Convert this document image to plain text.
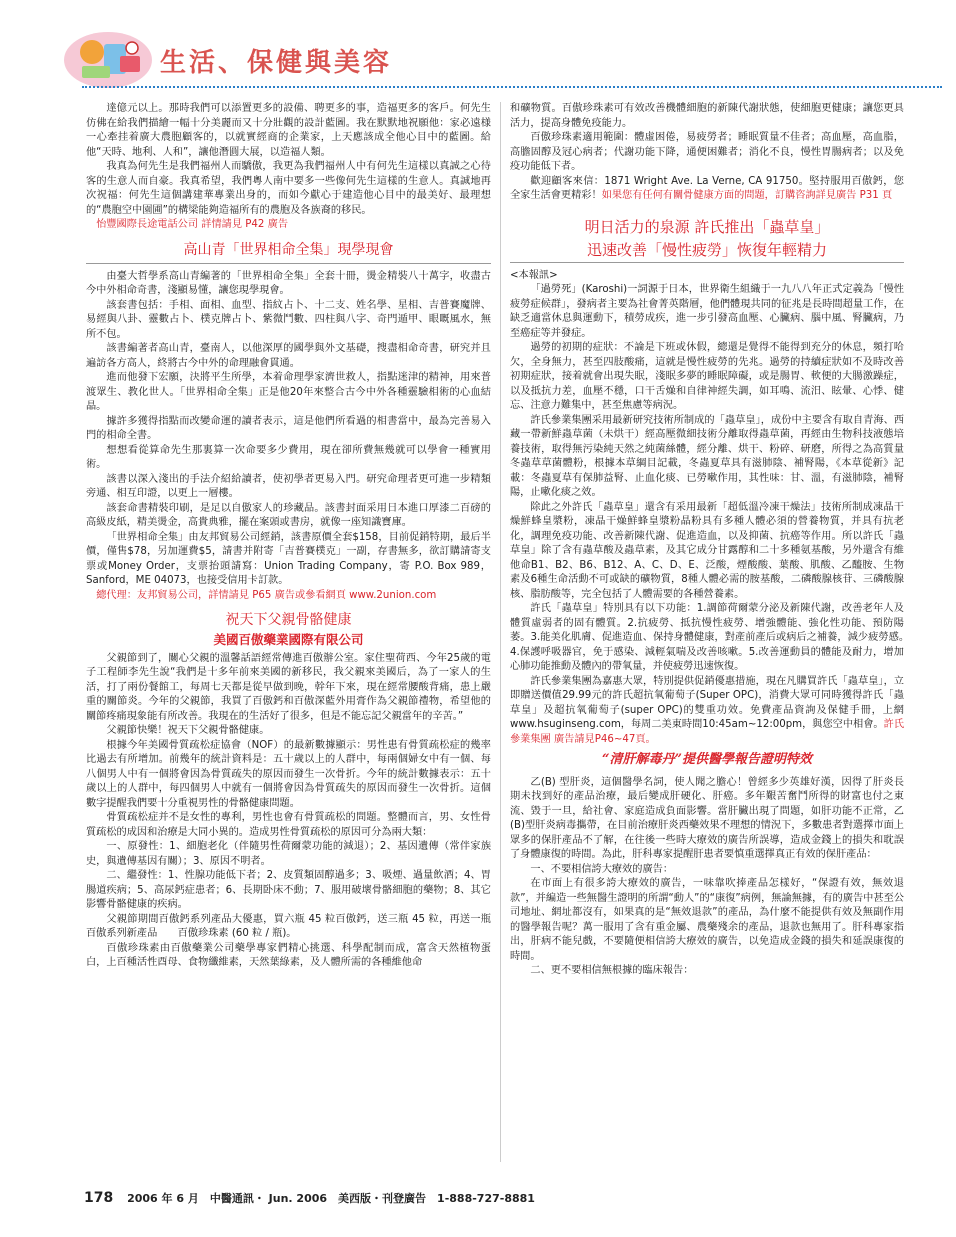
生活、保健與美容

達億元以上。那時我們可以添置更多的設備、聘更多的事，造福更多的客戶。何先生仿佛在給我們描繪一幅十分美麗而又十分壯觀的設計藍圖。我在默默地祝願他：家必遠様一心牽挂着廣大農胞顧客的，以就實經商的企業家，上天應該成全他心目中的藍圖。給他“天時、地利、人和”，讓他潛圓大展，以造福人類。

我真為何先生是我們福州人而驕傲，我更為我們福州人中有何先生這樣以真誠之心待客的生意人而自豪。我真希望，我們粵人南中要多一些像何先生這樣的生意人。真誠地再次祝福：何先生這個講建華專業出身的，而如今獻心于建造他心目中的最美好、最理想的“農胞空中園圃”的構梁能夠造福所有的農胞及各族裔的移民。

怡豐國際長途電話公司 詳情請見 P42 廣告

高山青「世界相命全集」現學現會

由臺大哲學系高山青編著的「世界相命全集」全套十冊，燙金精裝八十萬字，收盡古今中外相命奇書，淺顯易懂，讓您現學現會。

該套書包括：手相、面相、血型、指紋占卜、十二支、姓名學、星相、吉普賽魔牌、易經與八卦、靈數占卜、樸克牌占卜、紫微鬥數、四柱與八字、奇門遁甲、眼嘅風水，無所不包。

該書編著者高山青，臺南人，以他深厚的國學與外文基礎，搜盡相命奇書，研究并且遍訪各方高人，終將古今中外的命理融會貫通。

進而他發下宏願，決將平生所學，本着命理學家濟世救人，指點迷津的精神，用來普渡眾生、教化世人。「世界相命全集」正是他20年來整合古今中外各種靈驗相術的心血結晶。

據許多獲得指點而改變命運的讀者表示，這是他們所看過的相書當中，最為完善易入門的相命全書。

想想看從算命先生那裏算一次命要多少費用，現在卻所費無幾就可以學會一種實用術。

該書以深入淺出的手法介紹給讀者，使初學者更易入門。研究命理者更可進一步精類旁通、相互印證，以更上一層樓。

該套命書精裝印刷，是足以自傲家人的珍藏品。該書封面采用日本進口厚漆二百磅的高級皮紙，精美燙金，高貴典雅，擺在案頭或書房，就像一座知識寶庫。

「世界相命全集」由友邦貿易公司經銷，該書原價全套$158，目前促銷特期，最后半價，僅售$78，另加運費$5，請書并附寄「吉普賽樸克」一副，存書無多，欲訂購請寄支票或Money Order，支票抬頭請寫：Union Trading Company，寄 P.O. Box 989，Sanford，ME 04073，也接受信用卡訂款。

總代理：友邦貿易公司，詳情請見 P65 廣告或參看網頁 www.2union.com

祝天下父親骨骼健康
美國百傲藥業國際有限公司

父親節到了，關心父親的溫馨話語經常傳進百傲辦公室。家住聖荷西、今年25歲的電子工程師李先生說“我們是十多年前來美國的新移民，我父親來美國后，為了一家人的生活，打了兩份餐館工，每周七天都是從早做到晚，幹年下來，現在經常腰酸背痛，患上嚴重的關節炎。今年的父親節，我買了百傲鈣和百傲深藍外用膏作為父親節禮物，希望他的關節疼痛現象能有所改善。我現在的生活好了很多，但是不能忘記父親當年的辛苦。”

父親節快樂！祝天下父親骨骼健康。

根據今年美國骨質疏松症協會（NOF）的最新數據顯示：男性患有骨質疏松症的幾率比過去有所增加。前幾年的統計資料是：五十歲以上的人群中，每兩個婦女中有一個、每八個男人中有一個將會因為骨質疏失的原因而發生一次骨折。今年的統計數據表示：五十歲以上的人群中，每四個男人中就有一個將會因為骨質疏失的原因而發生一次骨折。這個數字提醒我們要十分重視男性的骨骼健康問題。

骨質疏松症并不是女性的專利，男性也會有骨質疏松的問題。整體而言，男、女性骨質疏松的成因和治療是大同小異的。造成男性骨質疏松的原因可分為兩大類：

一、原發性：1、細胞老化（伴隨男性荷爾蒙功能的減退）；2、基因遺傳（常伴家族史，與遺傳基因有關）；3、原因不明者。

二、繼發性：1、性腺功能低下者；2、皮質類固醇過多；3、吸煙、過量飲酒；4、胃腸道疾病；5、高尿鈣症患者；6、長期卧床不動；7、服用破壞骨骼細胞的藥物；8、其它影響骨骼健康的疾病。

父親節期間百傲鈣系列產品大優惠，買六瓶 45 粒百傲鈣，送三瓶 45 粒，再送一瓶百傲系列新產品　　百傲珍珠素 (60 粒 / 瓶)。

百傲珍珠素由百傲藥業公司藥學專家們精心挑選、科學配制而成，富含天然植物蛋白，上百種活性酉母、食物纖維素，天然葉綠素，及人體所需的各種維他命

和礦物質。百傲珍珠素可有效改善機體細胞的新陳代謝狀態，使細胞更健康；讓您更具活力，提高身體免疫能力。

百傲珍珠素適用範圍：體虛困倦，易疲勞者；睡眠質量不佳者；高血壓，高血脂，高膽固醇及冠心病者；代謝功能下降，通便困難者；消化不良，慢性胃腸病者；以及免疫功能低下者。

歡迎顧客來信：1871 Wright Ave. La Verne, CA 91750。堅持服用百傲鈣，您全家生活會更精彩！如果您有任何有關骨健康方面的問題，訂購咨詢詳見廣告 P31 頁

明日活力的泉源 許氏推出「蟲草皇」
迅速改善「慢性疲勞」恢復年輕精力

<本報訊>

「過勞死」(Karoshi)一詞源于日本，世界衛生組織于一九八八年正式定義為「慢性疲勞症候群」，發病者主要為社會菁英階層，他們體現共同的征兆是長時間超量工作，在缺乏適當休息與運動下，積勞成疾，進一步引發高血壓、心臟病、腦中風、腎臟病，乃至癌症等并發症。

過勞的初期的症狀：不論是下班或休假，總還是覺得不能得到充分的休息，頻打哈欠，全身無力，甚至四肢酸痛，這就是慢性疲勞的先兆。過勞的持續症狀如不及時改善初期症狀，接着就會出現失眠，淺眠多夢的睡眠障礙，或是腸胃、軟便的大腸激躁症，以及抵抗力差，血壓不穩，口干舌燥和自律神經失調，如耳鳴、流汨、眩暈、心悸、健忘、注意力難集中，甚至焦慮等病況。

許氏參業集團采用最新研究技術所制成的「蟲草皇」，成份中主要含有取自青海、西藏一帶新鮮蟲草菌（未烘干）經高壓微細技術分離取得蟲草菌，再經由生物科技液態培養技術，取得無污染純天然之純菌絲體，經分離、烘干、粉碎、研磨，所得之為高質量冬蟲草草菌體粉，根據本草綱目記載，冬蟲夏草具有滋肺陰、補腎陽，《本草從新》記載：冬蟲夏草有保肺益腎、止血化痰、已勞嗽作用，其性味：甘、溫，有滋肺陰，補腎陽，止嗽化痰之效。

除此之外許氏「蟲草皇」還含有采用最新「超低溫冷凍干燥法」技術所制成凍晶干燥鮮蜂皇漿粉，凍晶干燥鮮蜂皇漿粉晶粉具有多種人體必須的營養物質，并具有抗老化，調理免疫功能、改善新陳代謝、促進造血，以及抑菌、抗癌等作用。所以許氏「蟲草皇」除了含有蟲草酸及蟲草素，及其它成分甘露醇和二十多種氨基酸，另外還含有維他命B1、B2、B6、B12、A、C、D、E、泛酸，煙酸酸、葉酸、肌酸、乙醯胺、生物素及6種生命活動不可或缺的礦物質，8種人體必需的胺基酸，二磷酸腺核苷、三磷酸腺核、脂肪酸等，完全包括了人體需要的各種營養素。

許氏「蟲草皇」特別具有以下功能：1.調節荷爾蒙分泌及新陳代謝，改善老年人及體質虛弱者的固有體質。2.抗疲勞、抵抗慢性疲勞、增強體能、強化性功能、預防陽萎。3.能美化肌膚、促進造血、保持身體健康，對產前產后或病后之補養，減少疲勞感。　4.保護呼吸器官，免于感染、減輕氣喘及改善咳嗽。5.改善運動員的體能及耐力，增加心肺功能推動及體內的帶氧量，并使疲勞迅速恢復。

許氏參業集團為嘉惠大眾，特別提供促銷優惠措施，現在凡購買許氏「蟲草皇」，立即贈送價值29.99元的許氏超抗氧葡萄子(Super OPC)，消費大眾可同時獲得許氏「蟲草皇」及超抗氧葡萄子(super OPC)的雙重功效。免費產品資詢及保健手冊，上網www.hsuginseng.com，每周二美東時間10:45am~12:00pm，與您空中相會。許氏參業集團 廣告請見P46~47頁。

“清肝解毒丹”提供醫學報告證明特效

乙(B) 型肝炎，這個醫學名詞，使人聞之膽心！曾經多少英雄好漢，因得了肝炎長期未找到好的產品治療，最后變成肝硬化、肝癌。多年艱苦奮鬥所得的財富也付之東流、毀于一旦，給社會、家庭造成負面影響。當肝臟出現了問題，如肝功能不正常，乙(B)型肝炎病毒攜帶，在目前治療肝炎西藥效果不理想的情況下，多數患者對選擇市面上眾多的保肝產品不了解，在往後一些時大療效的廣告所誤導，造成金錢上的損失和耽誤了身體康復的時間。為此，肝科專家提醒肝患者要慎重選擇真正有效的保肝產品：

一、不要相信誇大療效的廣告：

在市面上有很多誇大療效的廣告，一味靠吹捧產品怎樣好，“保證有效，無效退款”，并編造一些無醫生證明的所謂“動人”的“康復”病例，無論無據，有的廣告中甚至公司地址、網址都沒有，如果真的是“無效退款”的產品，為什麼不能提供有效及無副作用的醫學報告呢？萬一服用了含有重金屬、農藥殘余的產品，退款也無用了。肝科專家指出，肝病不能兒戲，不要隨便相信誇大療效的廣告，以免造成金錢的損失和延誤康復的時間。

二、更不要相信無根據的臨床報告：

178 2006 年 6 月　中醫通訊・ Jun. 2006　美西版・刊登廣告　1-888-727-8881
